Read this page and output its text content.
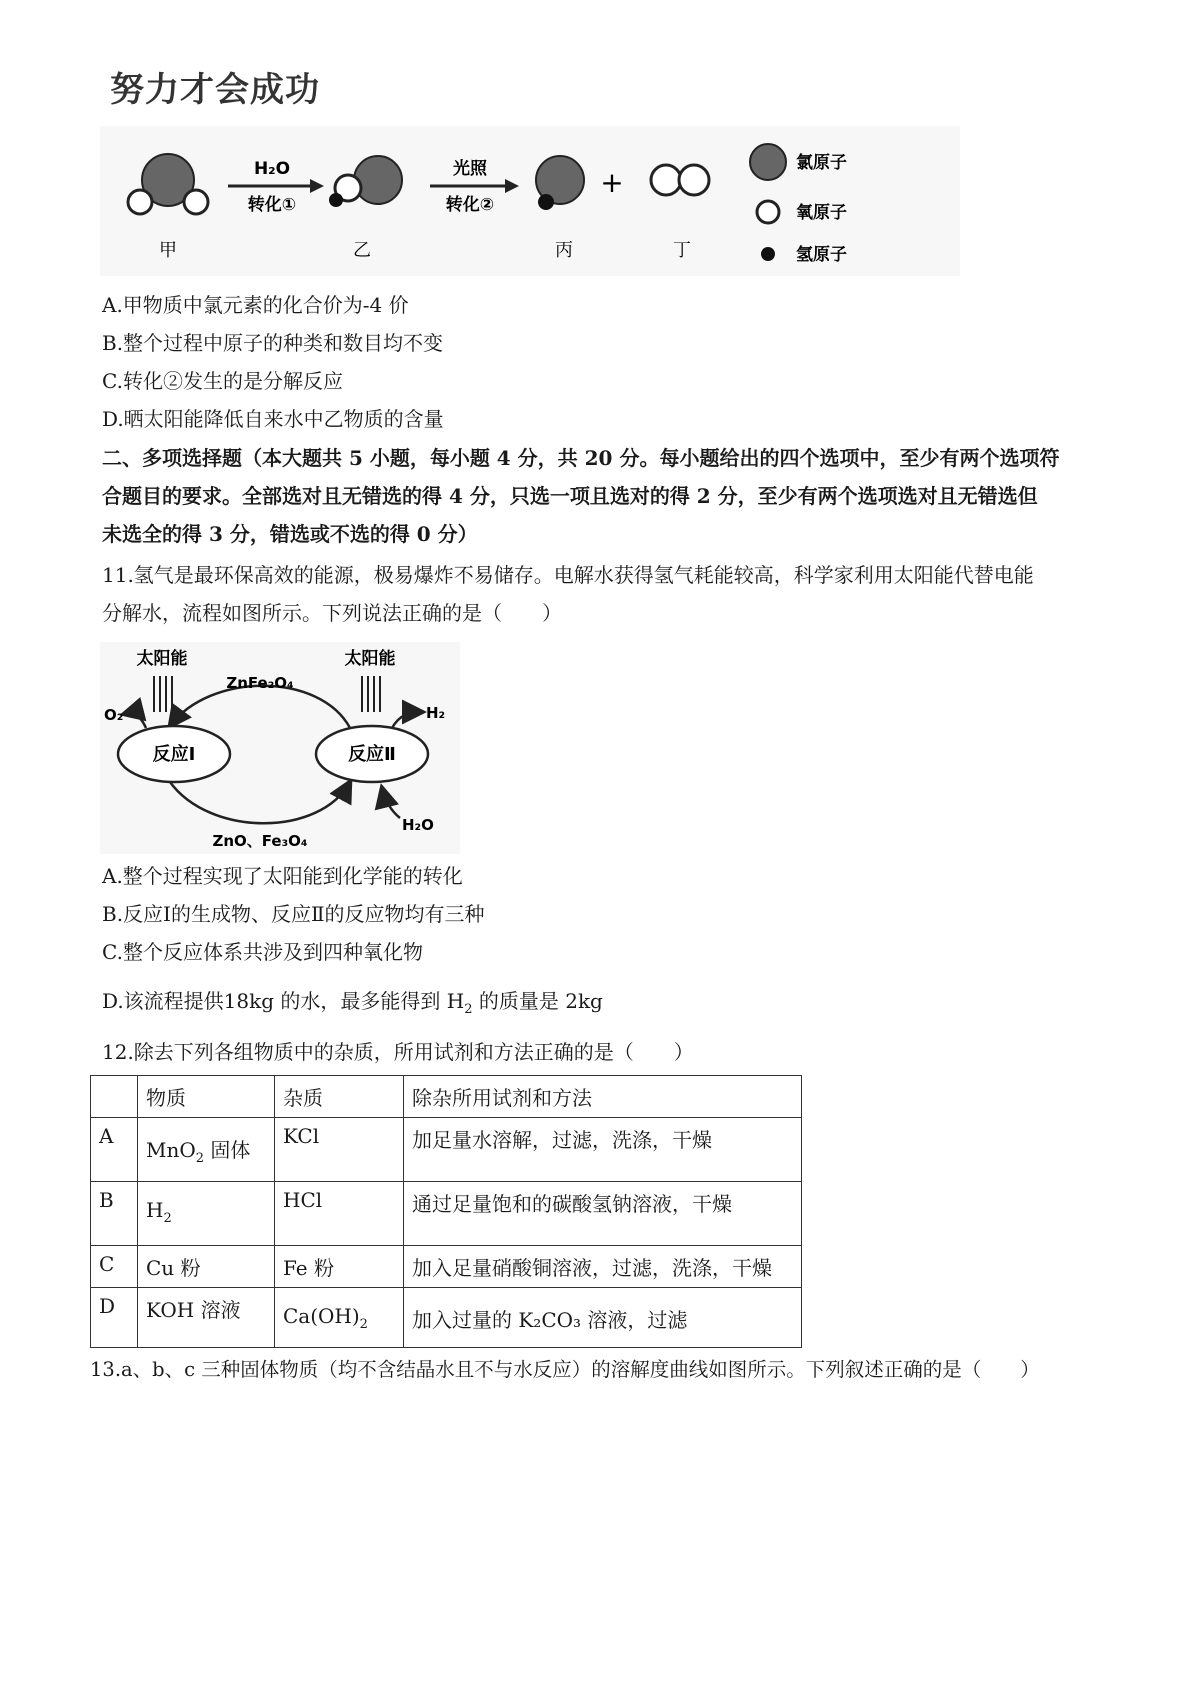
努力才会成功
甲
H₂O
转化①
乙
光照
转化②
丙
+
丁
氯原子
氧原子
氢原子
A.甲物质中氯元素的化合价为-4 价
B.整个过程中原子的种类和数目均不变
C.转化②发生的是分解反应
D.晒太阳能降低自来水中乙物质的含量
二、多项选择题（本大题共 5 小题，每小题 4 分，共 20 分。每小题给出的四个选项中，至少有两个选项符
合题目的要求。全部选对且无错选的得 4 分，只选一项且选对的得 2 分，至少有两个选项选对且无错选但
未选全的得 3 分，错选或不选的得 0 分）
11.氢气是最环保高效的能源，极易爆炸不易储存。电解水获得氢气耗能较高，科学家利用太阳能代替电能
分解水，流程如图所示。下列说法正确的是（　　）
太阳能	太阳能
ZnFe₂O₄
ZnO、Fe₃O₄
反应Ⅰ	反应Ⅱ
O₂	H₂
H₂O
A.整个过程实现了太阳能到化学能的转化
B.反应Ⅰ的生成物、反应Ⅱ的反应物均有三种
C.整个反应体系共涉及到四种氧化物
D.该流程提供18kg 的水，最多能得到 $H_2$ 的质量是 2kg
12.除去下列各组物质中的杂质，所用试剂和方法正确的是（　　）
	物质	杂质	除杂所用试剂和方法
A	MnO$_2$ 固体	KCl	加足量水溶解，过滤，洗涤，干燥
B	$H_2$	HCl	通过足量饱和的碳酸氢钠溶液，干燥
C	Cu 粉	Fe 粉	加入足量硝酸铜溶液，过滤，洗涤，干燥
D	KOH 溶液	$Ca(OH)_2$	加入过量的 K₂CO₃ 溶液，过滤
13.a、b、c 三种固体物质（均不含结晶水且不与水反应）的溶解度曲线如图所示。下列叙述正确的是（　　）
